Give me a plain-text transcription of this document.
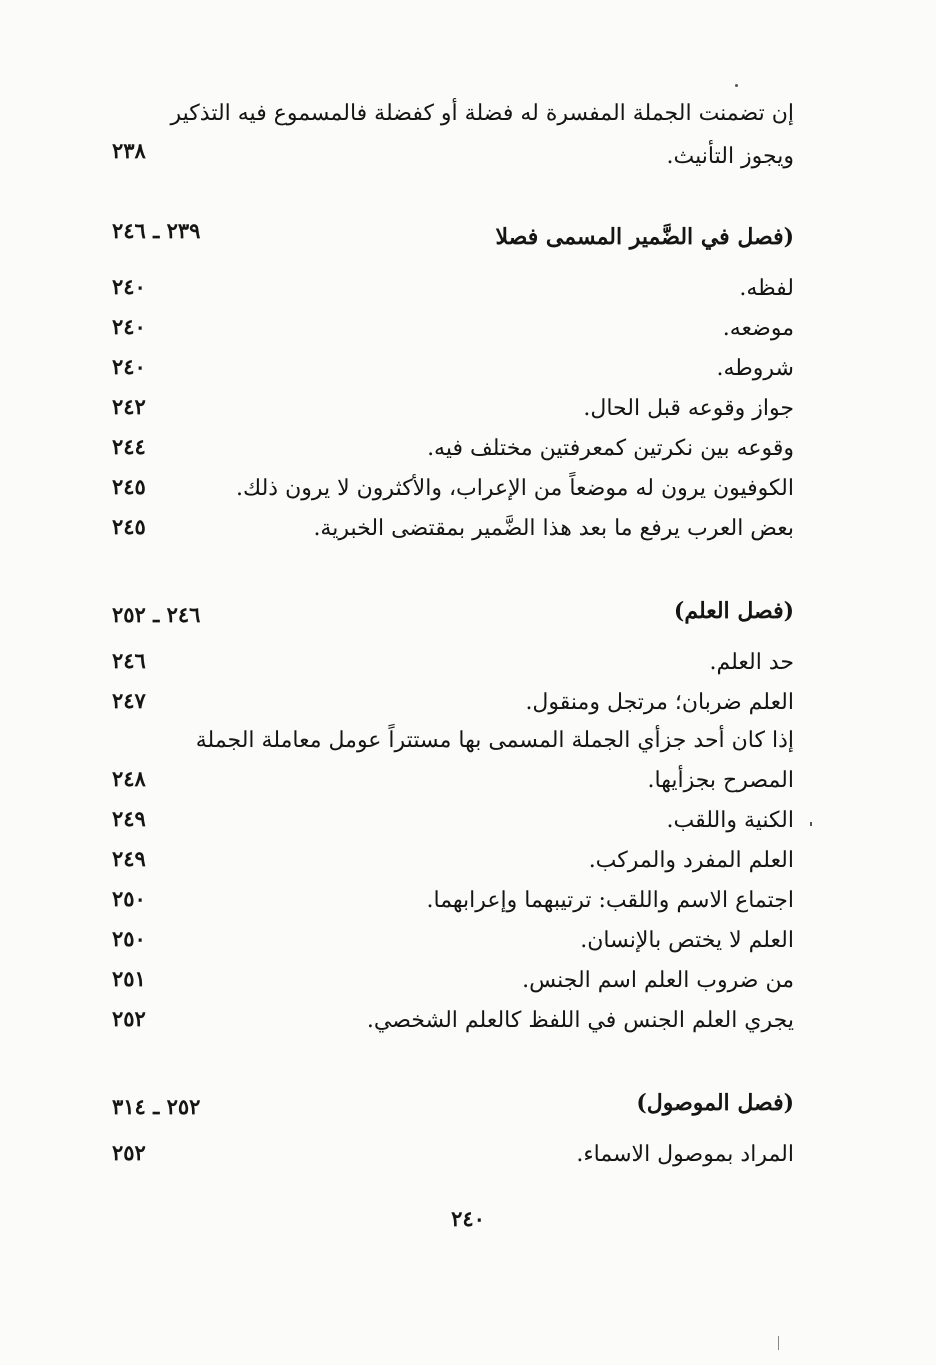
إن تضمنت الجملة المفسرة له فضلة أو كفضلة فالمسموع فيه التذكير
ويجوز التأنيث.
٢٣٨
(فصل في الضَّمير المسمى فصلا
٢٣٩ ـ ٢٤٦
لفظه.
٢٤٠
موضعه.
٢٤٠
شروطه.
٢٤٠
جواز وقوعه قبل الحال.
٢٤٢
وقوعه بين نكرتين كمعرفتين مختلف فيه.
٢٤٤
الكوفيون يرون له موضعاً من الإعراب، والأكثرون لا يرون ذلك.
٢٤٥
بعض العرب يرفع ما بعد هذا الضَّمير بمقتضى الخبرية.
٢٤٥
(فصل العلم)
٢٤٦ ـ ٢٥٢
حد العلم.
٢٤٦
العلم ضربان؛ مرتجل ومنقول.
٢٤٧
إذا كان أحد جزأي الجملة المسمى بها مستتراً عومل معاملة الجملة
المصرح بجزأيها.
٢٤٨
الكنية واللقب.
٢٤٩
العلم المفرد والمركب.
٢٤٩
اجتماع الاسم واللقب: ترتيبهما وإعرابهما.
٢٥٠
العلم لا يختص بالإنسان.
٢٥٠
من ضروب العلم اسم الجنس.
٢٥١
يجري العلم الجنس في اللفظ كالعلم الشخصي.
٢٥٢
(فصل الموصول)
٢٥٢ ـ ٣١٤
المراد بموصول الاسماء.
٢٥٢
٢٤٠
